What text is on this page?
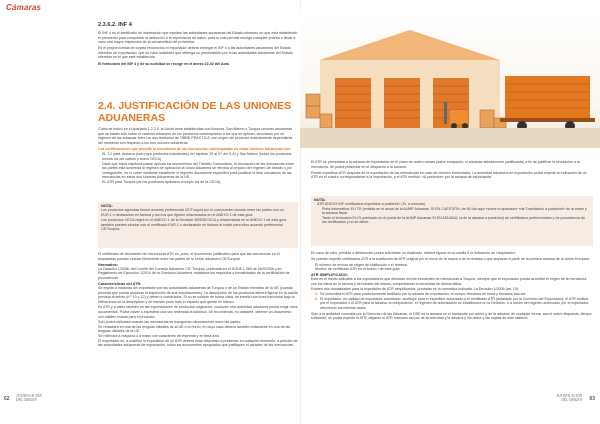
Cámaras
2.3.6.2. INF 4

El INF 4 es el certificado de información que expiden las autoridades aduaneras del Estado miembro en que está establecido el proveedor para comprobar la atribución a la exportación de datos, para lo cual permite escrigir cualquier prueba o llevar a cabo una mayor inspección de la verosimilitud del proveedor.

Es el proporcionista de cuyeta reconocido el exportador deberá entregar el INF 4 a las autoridades aduaneras del Estado miembro de exportación, que se hace solicitado que obtenga su presentación por la las autoridades aduaneras del Estado miembro en el que esté establecido.

El formulario del INF 4 y de su solicitud se recoge en el anexo 22-02 del Acta.

2.4. JUSTIFICACIÓN DE LAS UNIONES ADUANERAS

Como se indicó en el apartado 1.2.2.2, la Unión tiene establecidas con Andorra, San Marino y Turquía uniones aduaneras que se basan sólo sobre el carácter aduanero de los productos contemplados a los que se aplican, circulando por un régimen de las aduanas entre los dos territorios de TIBRE PRÁCTICA, con origen del producto estrictamente dependiente del momento con respecto a los tres uniones aduaneras.

Los certificaciones que permite la circulación de las mercancías contempladas en estas Uniones Aduaneras son:

EL T.2 para: Andorra (sólo para productos industriales) del capítulo 25 al 97 del S.A) y San Marino (todos los productos menos los del carbón y acero CECA).

Dado que estos capítulos pasan aplican los documentos del Tránsito Comunitario, la circulación de las mercancías entre las partes está sometida al régimen de aplicación la Unión Aduanera se efectúa al amparo del régimen de tránsito y por consiguiente, no lo cubre mediante establecer el régimen documento específico para justificar la libre circulación de las mercancías en estos dos Uniones Aduaneras de la UE.

EL ATR para Turquía (de los productos aplicados excepto los de la CECA).

NOTA:

Los productos agrícolas tienen acuerdo preferencial CE/Turquía por lo cual pueden circular entre las partes con un EUR.1 o declaración en factura y con los que figuren relacionados en el ANEXO 1 de esta guía.

Los productos CECA regirá en el ANEXO 1 de la Decisión 96/528/CECA y relacionados en el ANEXO 1 de esta guía también pueden circular con el certificado EUR.1 o declaración en factura al existir para ellos acuerdo preferencial CE/Turquía.

El certificado de circulación de mercancías ATR es, pues, el documento justificativo para que las mercancías en él amparadas puedan circular libremente entre las partes de la Unión aduanera CE/Turquía.

Normativa:

La Decisión 1/2006, del Comité del Consejo Aduanero CE/ Turquía, publicada en el DOUE L 265 de 26/9/2006 y en Reglamento de Ejecución 1/2014 de la Comisión Aduanera, establece los requisitos y formalidades de la certificación de procedencia.

Características del ATR:

Se expide a instancia del exportador por las autoridades aduaneras de Turquía o de un Estado miembro de la UE (cuando proceda que pueda autorizar la inspección de sus exportaciones). La descripción de los productos deberá figurar en la casilla prevista al efecto (n.º 10 y 12) y deben ir numerados. Si no se cumple de forma clara, se inserta una línea horizontal bajo la última línea de la descripción y un tránsito pone todo el espacio que quede en blanco.

Es ATR y a vales también en las exportaciones de productos originarios, cualquier otra autoridad aduanera pueda exigir otros documentos. Podrá volver a expedirse una vez rellenada la solicitud. Se recomienda, no obstante, obtener un documento con validez exacta para el producto.

Solo podrá utilizarse cuando las mercancías se transporten directamente entre las partes.

Se redactará en una de las lenguas oficiales de la UE o en turco, en cuyo caso deberá también redactarse en una de las lenguas oficiales de la UE.

Se rellenará a máquina o a mano con caracteres de imprenta y en tinta azul.

El exportador es, a solicitud la expedición de un ATR deberá estar dispuesto a presentar en cualquier momento, a petición de las autoridades aduaneras de exportación, todos los documentos apropiados que justifiquen el carácter de las mercancías.

El ATR se presentará a la aduana de importación en el plazo de cuatro meses (salvo excepción, si aduanas debidamente justificadas) a fin de justificar la circulación a la mercancía. Se podrá presentar en el despacho a la aduana.

Puede expedirse ATR después de la exportación de las mercancías en caso de omisión involuntaria. La autoridad aduanera de exportación podrá expedir la indicación de un ATR en el cuadro correspondiente a la importación, y el ATR emitido: «A posteriori» por la aduana de exportación.

NOTA:

ATR ANEXO INF certificados expedidos a posteriori: (Sí, a menudo)

Pinta informativa: EU TR (emitida en el anual de la AUMP Aduanas, SI EN CUESTIÓN, de 90 día aquí «sobre el apartado» «de Tramitación a posteriori» de la orden y la aduana fiscal.

Tanto el formulario EU R publicado en el portal de la AUMP Aduanas SI EN ADUANA, la de la aduana a posteriori) de certificados preferenciales y de procedencia de los certificados y no se deber.

En caso de robo, pérdida o destrucción podrá solicitarse un duplicado, deberá figurar en la casilla 8 la indicación de «duplicado».

Se pueden expedir certificados ATR a la sustitución de ATR original por el envío de la marca o de la remesa o que amparan a partir de la primera aduana de la Unión Europea:

El número de envíos de origen de sustitución o el remesa.

Modelo de certificado ATR en el Anexo I de esta guía.

ATR SIMPLIFICADO:

Este es el medio aplicable a los exportadores que efectúan envíos frecuentes de mercancías a Turquía, siempre que el exportador pueda acreditar el origen de la mercancía con los datos de la factura y del estado del mismo, comprobando la veracidad de dichos datos.

Existen dos modalidades para la expedición de ATR simplificados, previstas en la normativa indicada. La Decisión 1/2006 (art. 10):

1. Se inmoviliza el ATR para posteriormente facilitarlo por la aduana de exportación; el cuerpo, firmados de firma y firmados tras ser.
2. El exportador, en calidad de exportador autorizado, sustituye para el expedidor autorizado y el certificado ATR (detallado por la Comisión del Exportador); el ATR emitido por el exportador o el ATR para la aduana; la reexpedición, el régimen de autorización se establecerá en la Decisión, o a través del régimen autorizado por el exportador, ofreciendo los mismos datos.

Solo a la actividad conocida por la Dirección de las Aduanas, la OSE es la aduana en el transporte por aéreo y de la aduana; de cualquier forma, sea el sobre dispuesto, tiempo suficiente, se podrá expedir el ATR, dejando el ATR marcado así por de la actividad y la aduana y los datos y las copias de este sistema.

62 JUSTIFICACIÓN
DEL ORIGEN
JUSTIFICACIÓN
DEL ORIGEN 63
